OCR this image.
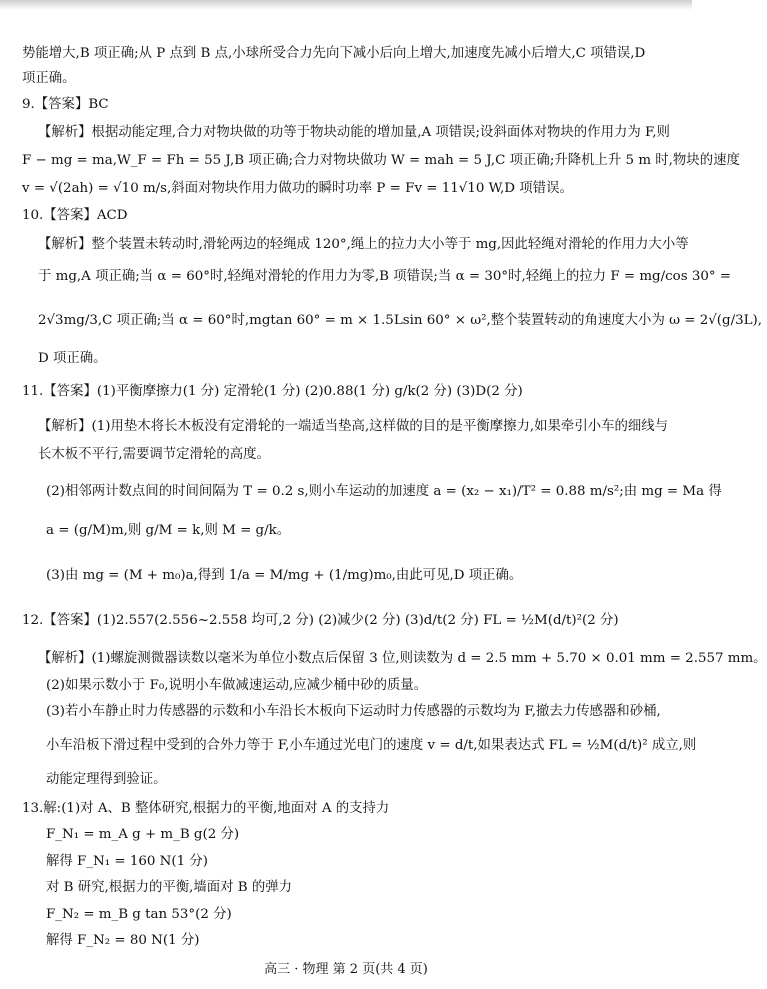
势能增大,B 项正确;从 P 点到 B 点,小球所受合力先向下减小后向上增大,加速度先减小后增大,C 项错误,D
项正确。
9.【答案】BC
【解析】根据动能定理,合力对物块做的功等于物块动能的增加量,A 项错误;设斜面体对物块的作用力为 F,则
F − mg = ma,W_F = Fh = 55 J,B 项正确;合力对物块做功 W = mah = 5 J,C 项正确;升降机上升 5 m 时,物块的速度
v = √(2ah) = √10 m/s,斜面对物块作用力做功的瞬时功率 P = Fv = 11√10 W,D 项错误。
10.【答案】ACD
【解析】整个装置未转动时,滑轮两边的轻绳成 120°,绳上的拉力大小等于 mg,因此轻绳对滑轮的作用力大小等
于 mg,A 项正确;当 α = 60°时,轻绳对滑轮的作用力为零,B 项错误;当 α = 30°时,轻绳上的拉力 F = mg/cos 30° =
2√3mg/3,C 项正确;当 α = 60°时,mgtan 60° = m × 1.5Lsin 60° × ω²,整个装置转动的角速度大小为 ω = 2√(g/3L),
D 项正确。
11.【答案】(1)平衡摩擦力(1 分) 定滑轮(1 分) (2)0.88(1 分) g/k(2 分) (3)D(2 分)
【解析】(1)用垫木将长木板没有定滑轮的一端适当垫高,这样做的目的是平衡摩擦力,如果牵引小车的细线与
长木板不平行,需要调节定滑轮的高度。
(2)相邻两计数点间的时间间隔为 T = 0.2 s,则小车运动的加速度 a = (x₂ − x₁)/T² = 0.88 m/s²;由 mg = Ma 得
a = (g/M)m,则 g/M = k,则 M = g/k。
(3)由 mg = (M + m₀)a,得到 1/a = M/mg + (1/mg)m₀,由此可见,D 项正确。
12.【答案】(1)2.557(2.556~2.558 均可,2 分) (2)减少(2 分) (3)d/t(2 分) FL = ½M(d/t)²(2 分)
【解析】(1)螺旋测微器读数以毫米为单位小数点后保留 3 位,则读数为 d = 2.5 mm + 5.70 × 0.01 mm = 2.557 mm。
(2)如果示数小于 F₀,说明小车做减速运动,应减少桶中砂的质量。
(3)若小车静止时力传感器的示数和小车沿长木板向下运动时力传感器的示数均为 F,撤去力传感器和砂桶,
小车沿板下滑过程中受到的合外力等于 F,小车通过光电门的速度 v = d/t,如果表达式 FL = ½M(d/t)² 成立,则
动能定理得到验证。
13.解:(1)对 A、B 整体研究,根据力的平衡,地面对 A 的支持力
F_N₁ = m_A g + m_B g(2 分)
解得 F_N₁ = 160 N(1 分)
对 B 研究,根据力的平衡,墙面对 B 的弹力
F_N₂ = m_B g tan 53°(2 分)
解得 F_N₂ = 80 N(1 分)
高三 · 物理 第 2 页(共 4 页)
